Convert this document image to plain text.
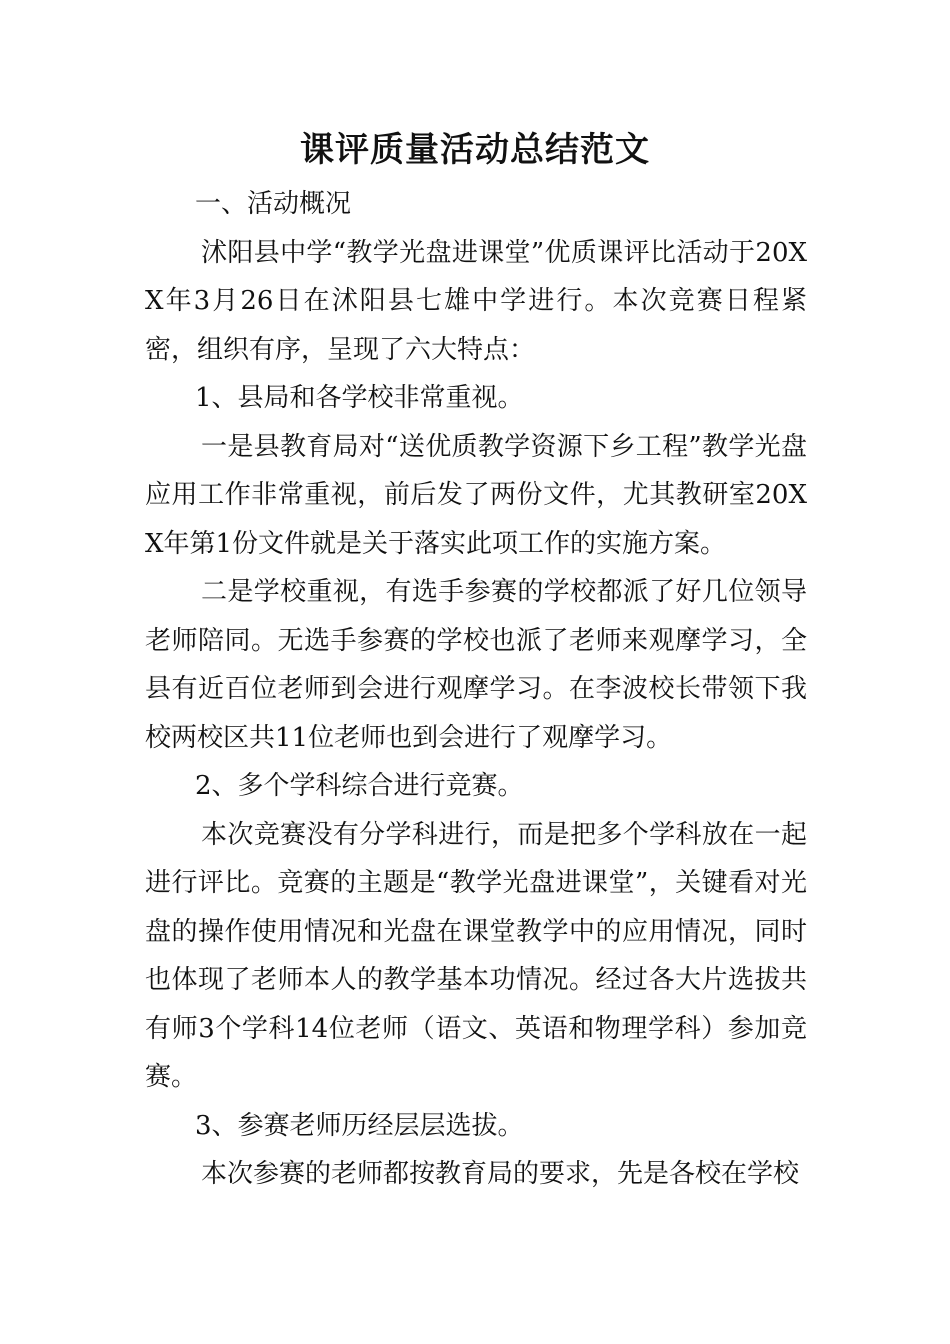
课评质量活动总结范文

一、活动概况

沭阳县中学“教学光盘进课堂”优质课评比活动于20XX年3月26日在沭阳县七雄中学进行。本次竞赛日程紧密，组织有序，呈现了六大特点：

1、县局和各学校非常重视。

一是县教育局对“送优质教学资源下乡工程”教学光盘应用工作非常重视，前后发了两份文件，尤其教研室20XX年第1份文件就是关于落实此项工作的实施方案。

二是学校重视，有选手参赛的学校都派了好几位领导老师陪同。无选手参赛的学校也派了老师来观摩学习，全县有近百位老师到会进行观摩学习。在李波校长带领下我校两校区共11位老师也到会进行了观摩学习。

2、多个学科综合进行竞赛。

本次竞赛没有分学科进行，而是把多个学科放在一起进行评比。竞赛的主题是“教学光盘进课堂”，关键看对光盘的操作使用情况和光盘在课堂教学中的应用情况，同时也体现了老师本人的教学基本功情况。经过各大片选拔共有师3个学科14位老师（语文、英语和物理学科）参加竞赛。

3、参赛老师历经层层选拔。

本次参赛的老师都按教育局的要求，先是各校在学校
